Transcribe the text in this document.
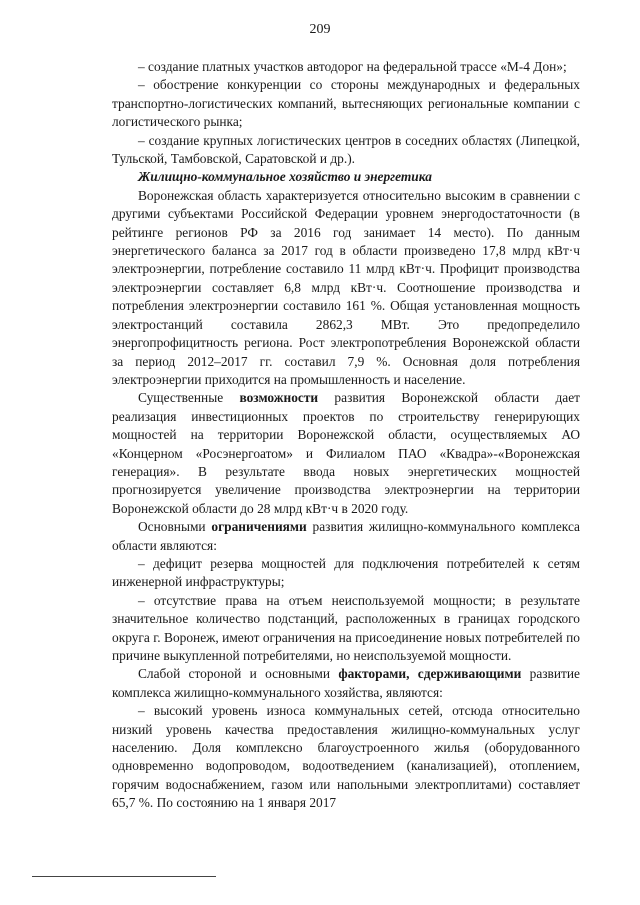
209

– создание платных участков автодорог на федеральной трассе «М-4 Дон»;

– обострение конкуренции со стороны международных и федеральных транспортно-логистических компаний, вытесняющих региональные компании с логистического рынка;

– создание крупных логистических центров в соседних областях (Липецкой, Тульской, Тамбовской, Саратовской и др.).

Жилищно-коммунальное хозяйство и энергетика

Воронежская область характеризуется относительно высоким в сравнении с другими субъектами Российской Федерации уровнем энергодостаточности (в рейтинге регионов РФ за 2016 год занимает 14 место). По данным энергетического баланса за 2017 год в области произведено 17,8 млрд кВт·ч электроэнергии, потребление составило 11 млрд кВт·ч. Профицит производства электроэнергии составляет 6,8 млрд кВт·ч. Соотношение производства и потребления электроэнергии составило 161 %. Общая установленная мощность электростанций составила 2862,3 МВт. Это предопределило энергопрофицитность региона. Рост электропотребления Воронежской области за период 2012–2017 гг. составил 7,9 %. Основная доля потребления электроэнергии приходится на промышленность и население.

Существенные возможности развития Воронежской области дает реализация инвестиционных проектов по строительству генерирующих мощностей на территории Воронежской области, осуществляемых АО «Концерном «Росэнергоатом» и Филиалом ПАО «Квадра»-«Воронежская генерация». В результате ввода новых энергетических мощностей прогнозируется увеличение производства электроэнергии на территории Воронежской области до 28 млрд кВт·ч в 2020 году.

Основными ограничениями развития жилищно-коммунального комплекса области являются:

– дефицит резерва мощностей для подключения потребителей к сетям инженерной инфраструктуры;

– отсутствие права на отъем неиспользуемой мощности; в результате значительное количество подстанций, расположенных в границах городского округа г. Воронеж, имеют ограничения на присоединение новых потребителей по причине выкупленной потребителями, но неиспользуемой мощности.

Слабой стороной и основными факторами, сдерживающими развитие комплекса жилищно-коммунального хозяйства, являются:

– высокий уровень износа коммунальных сетей, отсюда относительно низкий уровень качества предоставления жилищно-коммунальных услуг населению. Доля комплексно благоустроенного жилья (оборудованного одновременно водопроводом, водоотведением (канализацией), отоплением, горячим водоснабжением, газом или напольными электроплитами) составляет 65,7 %. По состоянию на 1 января 2017
